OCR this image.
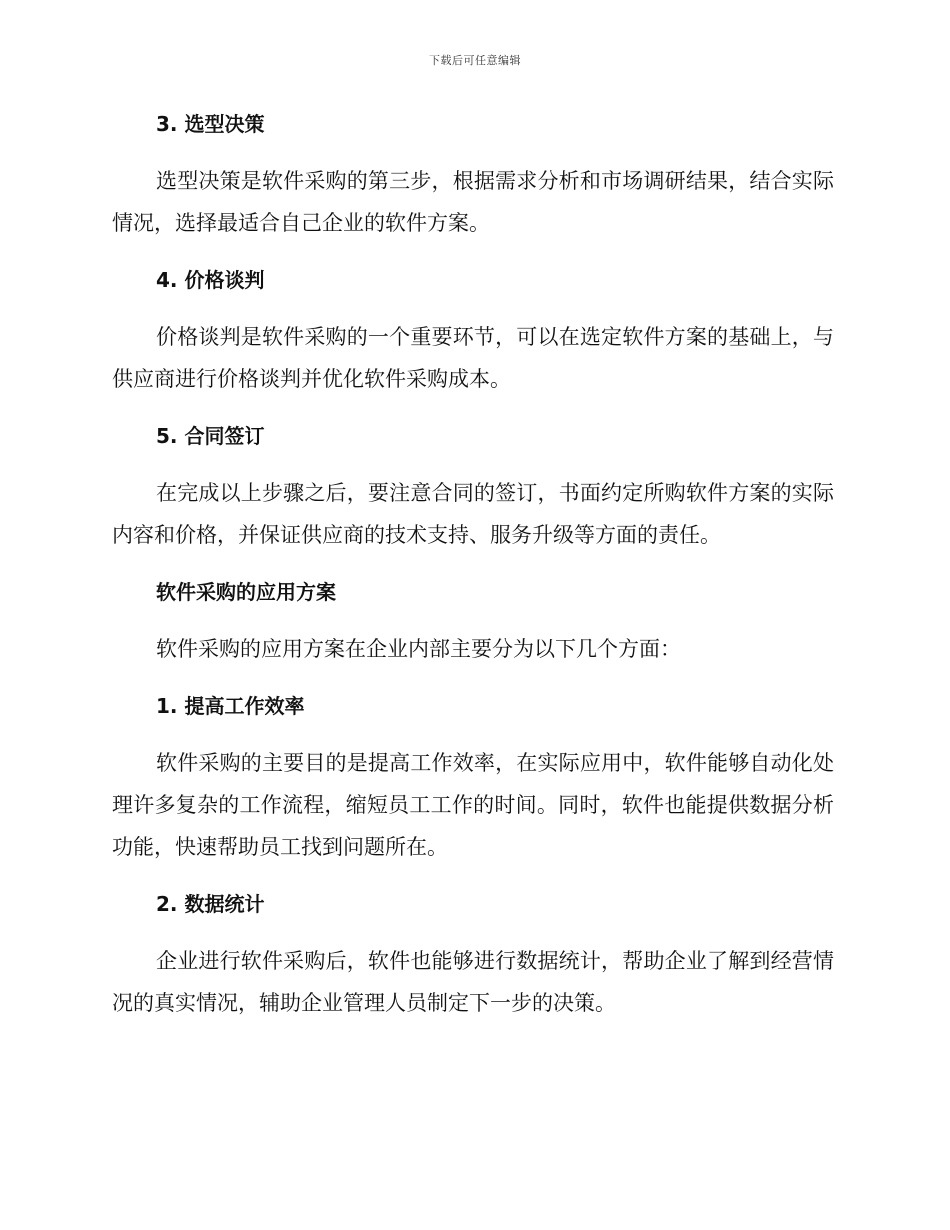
下载后可任意编辑
3. 选型决策
选型决策是软件采购的第三步，根据需求分析和市场调研结果，结合实际情况，选择最适合自己企业的软件方案。
4. 价格谈判
价格谈判是软件采购的一个重要环节，可以在选定软件方案的基础上，与供应商进行价格谈判并优化软件采购成本。
5. 合同签订
在完成以上步骤之后，要注意合同的签订，书面约定所购软件方案的实际内容和价格，并保证供应商的技术支持、服务升级等方面的责任。
软件采购的应用方案
软件采购的应用方案在企业内部主要分为以下几个方面：
1. 提高工作效率
软件采购的主要目的是提高工作效率，在实际应用中，软件能够自动化处理许多复杂的工作流程，缩短员工工作的时间。同时，软件也能提供数据分析功能，快速帮助员工找到问题所在。
2. 数据统计
企业进行软件采购后，软件也能够进行数据统计，帮助企业了解到经营情况的真实情况，辅助企业管理人员制定下一步的决策。
